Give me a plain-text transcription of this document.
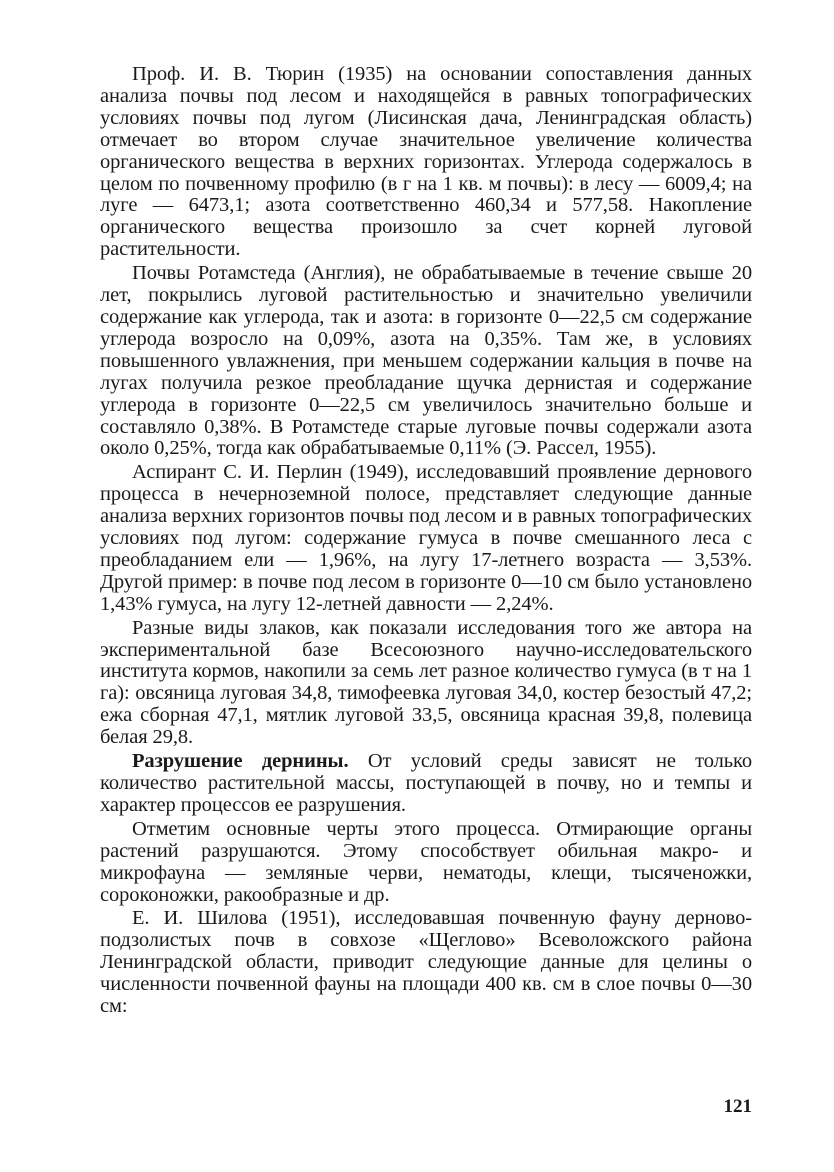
Проф. И. В. Тюрин (1935) на основании сопоставления данных анализа почвы под лесом и находящейся в равных топографических условиях почвы под лугом (Лисинская дача, Ленинградская область) отмечает во втором случае значительное увеличение количества органического вещества в верхних горизонтах. Углерода содержалось в целом по почвенному профилю (в г на 1 кв. м почвы): в лесу — 6009,4; на луге — 6473,1; азота соответственно 460,34 и 577,58. Накопление органического вещества произошло за счет корней луговой растительности.

Почвы Ротамстеда (Англия), не обрабатываемые в течение свыше 20 лет, покрылись луговой растительностью и значительно увеличили содержание как углерода, так и азота: в горизонте 0—22,5 см содержание углерода возросло на 0,09%, азота на 0,35%. Там же, в условиях повышенного увлажнения, при меньшем содержании кальция в почве на лугах получила резкое преобладание щучка дернистая и содержание углерода в горизонте 0—22,5 см увеличилось значительно больше и составляло 0,38%. В Ротамстеде старые луговые почвы содержали азота около 0,25%, тогда как обрабатываемые 0,11% (Э. Рассел, 1955).

Аспирант С. И. Перлин (1949), исследовавший проявление дернового процесса в нечерноземной полосе, представляет следующие данные анализа верхних горизонтов почвы под лесом и в равных топографических условиях под лугом: содержание гумуса в почве смешанного леса с преобладанием ели — 1,96%, на лугу 17-летнего возраста — 3,53%. Другой пример: в почве под лесом в горизонте 0—10 см было установлено 1,43% гумуса, на лугу 12-летней давности — 2,24%.

Разные виды злаков, как показали исследования того же автора на экспериментальной базе Всесоюзного научно-исследовательского института кормов, накопили за семь лет разное количество гумуса (в т на 1 га): овсяница луговая 34,8, тимофеевка луговая 34,0, костер безостый 47,2; ежа сборная 47,1, мятлик луговой 33,5, овсяница красная 39,8, полевица белая 29,8.

Разрушение дернины. От условий среды зависят не только количество растительной массы, поступающей в почву, но и темпы и характер процессов ее разрушения.

Отметим основные черты этого процесса. Отмирающие органы растений разрушаются. Этому способствует обильная макро- и микрофауна — земляные черви, нематоды, клещи, тысяченожки, сороконожки, ракообразные и др.

Е. И. Шилова (1951), исследовавшая почвенную фауну дерново-подзолистых почв в совхозе «Щеглово» Всеволожского района Ленинградской области, приводит следующие данные для целины о численности почвенной фауны на площади 400 кв. см в слое почвы 0—30 см:

121
